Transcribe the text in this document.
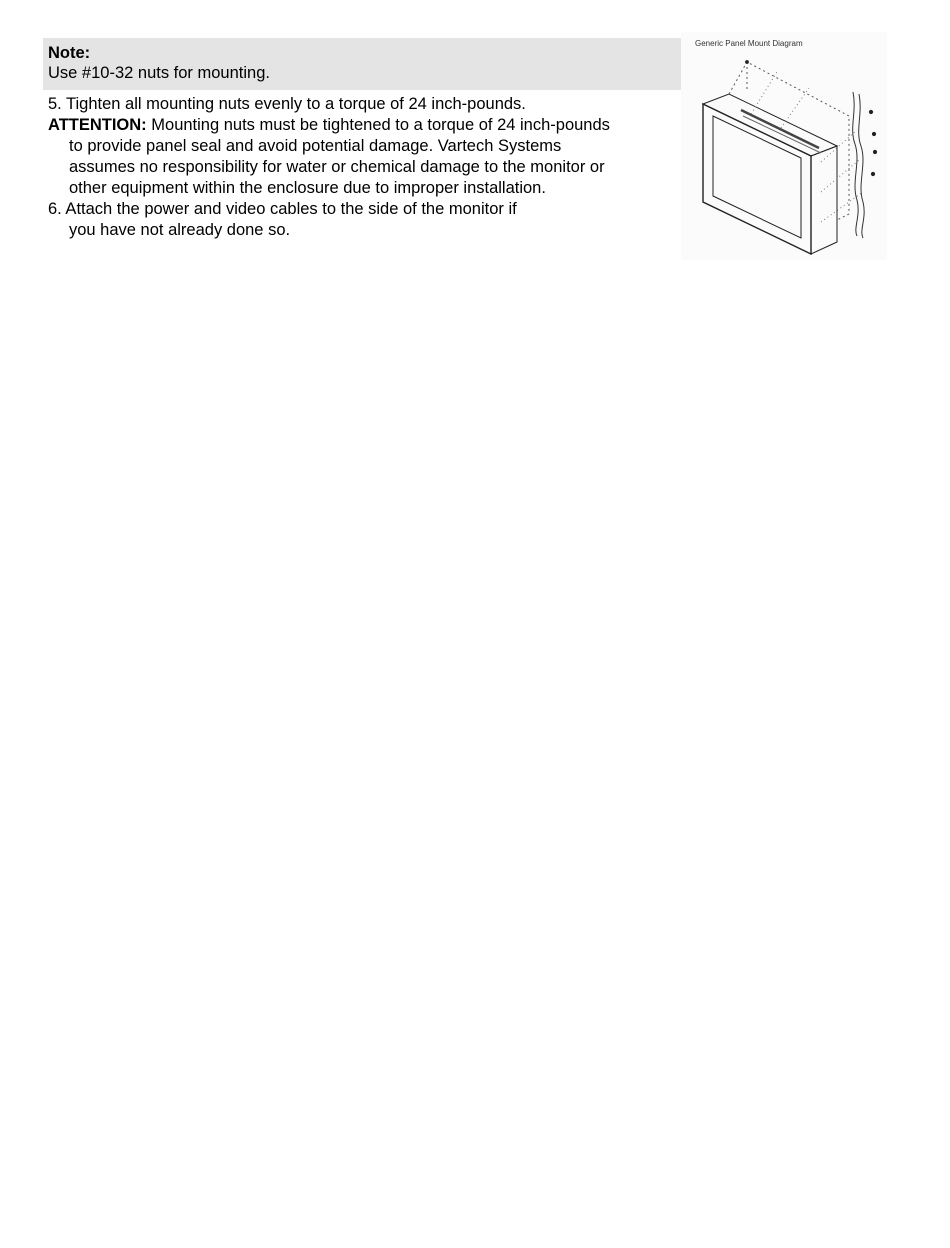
Note:
Use #10-32 nuts for mounting.

5. Tighten all mounting nuts evenly to a torque of 24 inch-pounds.

ATTENTION: Mounting nuts must be tightened to a torque of 24 inch-pounds

to provide panel seal and avoid potential damage. Vartech Systems

assumes no responsibility for water or chemical damage to the monitor or

other equipment within the enclosure due to improper installation.

6. Attach the power and video cables to the side of the monitor if

you have not already done so.

Generic Panel Mount Diagram
